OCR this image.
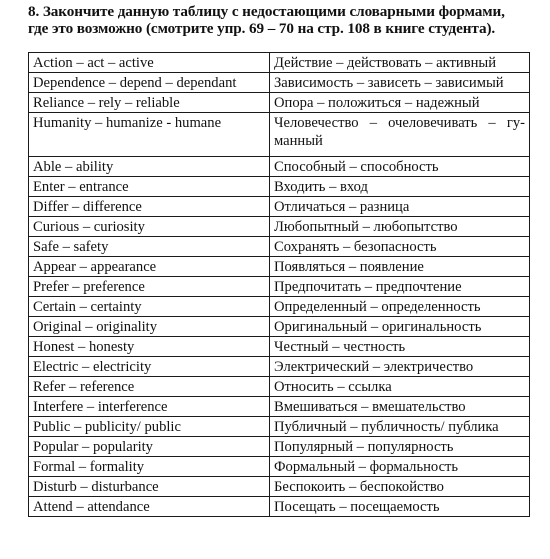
8. Закончите данную таблицу с недостающими словарными формами,
где это возможно (смотрите упр. 69 – 70 на стр. 108 в книге студента).
Action – act – active	Действие – действовать – активный
Dependence – depend – dependant	Зависимость – зависеть – зависимый
Reliance – rely – reliable	Опора – положиться – надежный
Humanity – humanize - humane	Человечество – очеловечивать – гу-манный
Able – ability	Способный – способность
Enter – entrance	Входить – вход
Differ – difference	Отличаться – разница
Curious – curiosity	Любопытный – любопытство
Safe – safety	Сохранять – безопасность
Appear – appearance	Появляться – появление
Prefer – preference	Предпочитать – предпочтение
Certain – certainty	Определенный – определенность
Original – originality	Оригинальный – оригинальность
Honest – honesty	Честный – честность
Electric – electricity	Электрический – электричество
Refer – reference	Относить – ссылка
Interfere – interference	Вмешиваться – вмешательство
Public – publicity/ public	Публичный – публичность/ публика
Popular – popularity	Популярный – популярность
Formal – formality	Формальный – формальность
Disturb – disturbance	Беспокоить – беспокойство
Attend – attendance	Посещать – посещаемость
